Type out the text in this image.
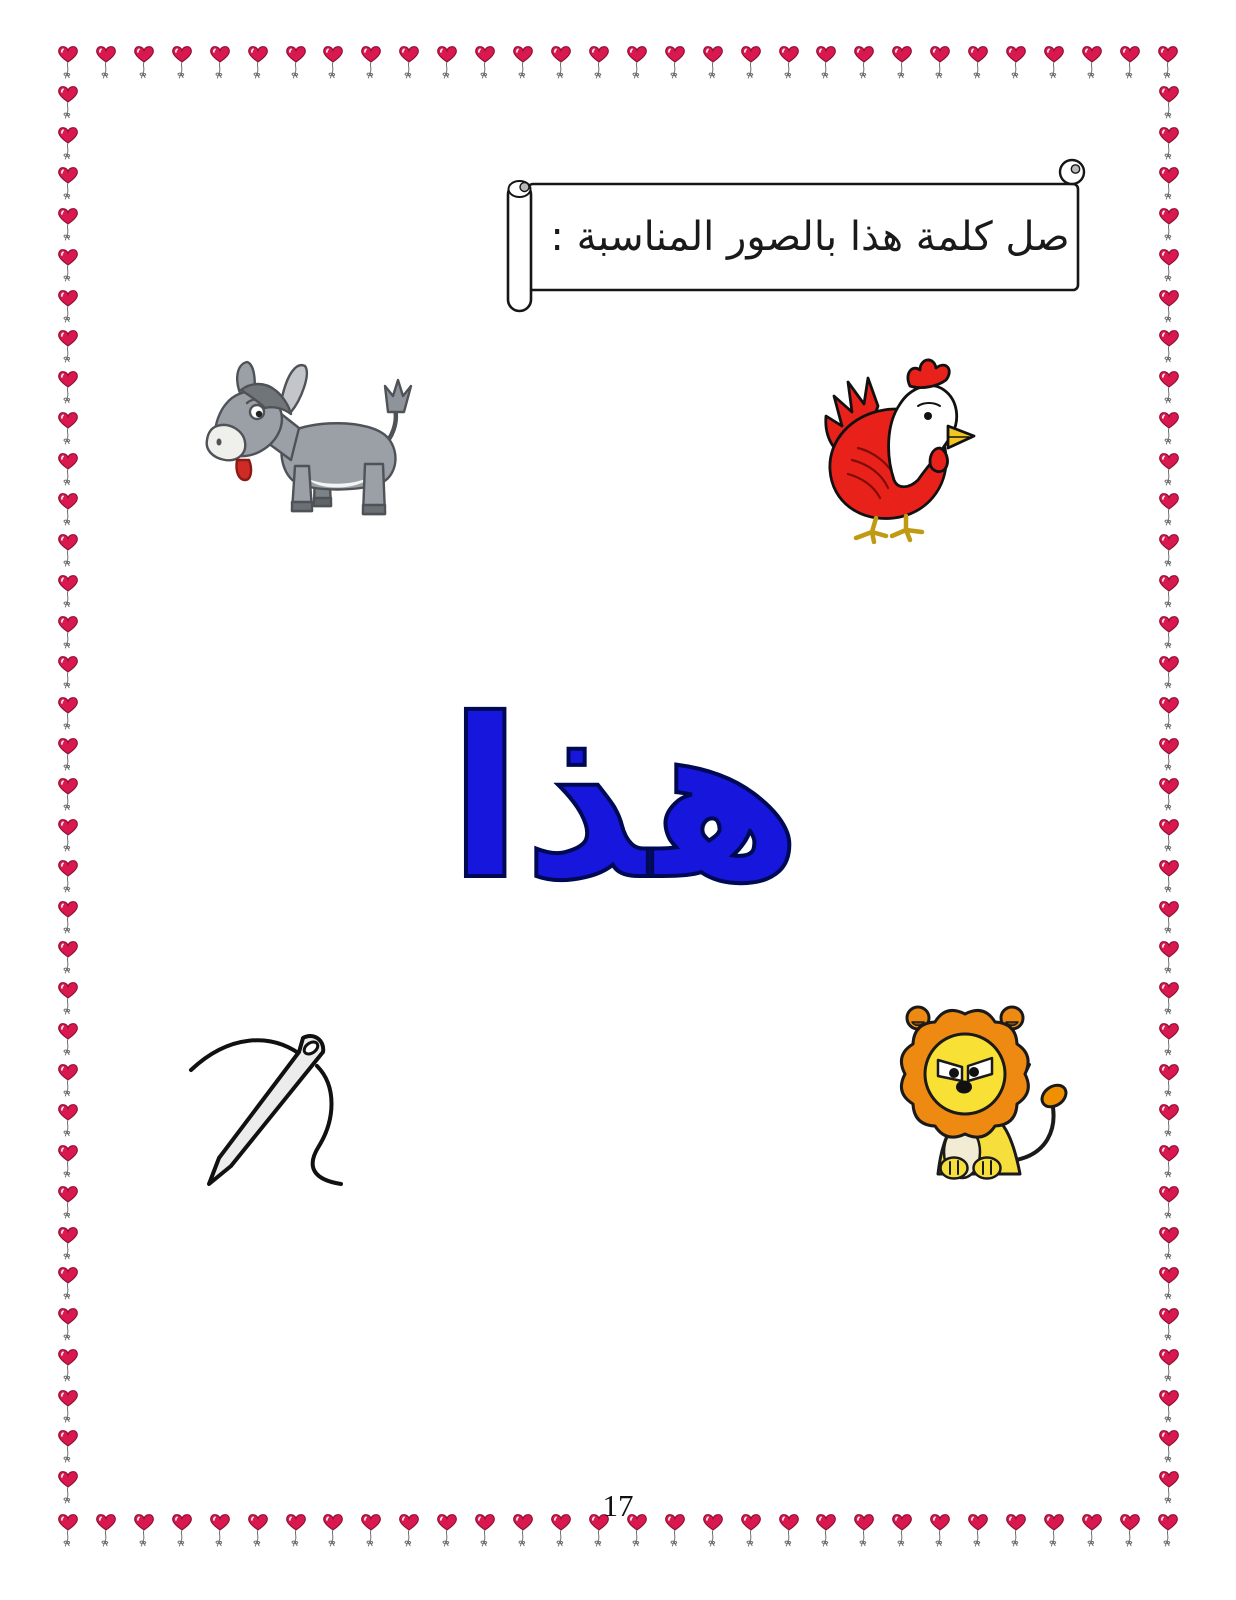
صل كلمة هذا بالصور المناسبة :
هذا
17
